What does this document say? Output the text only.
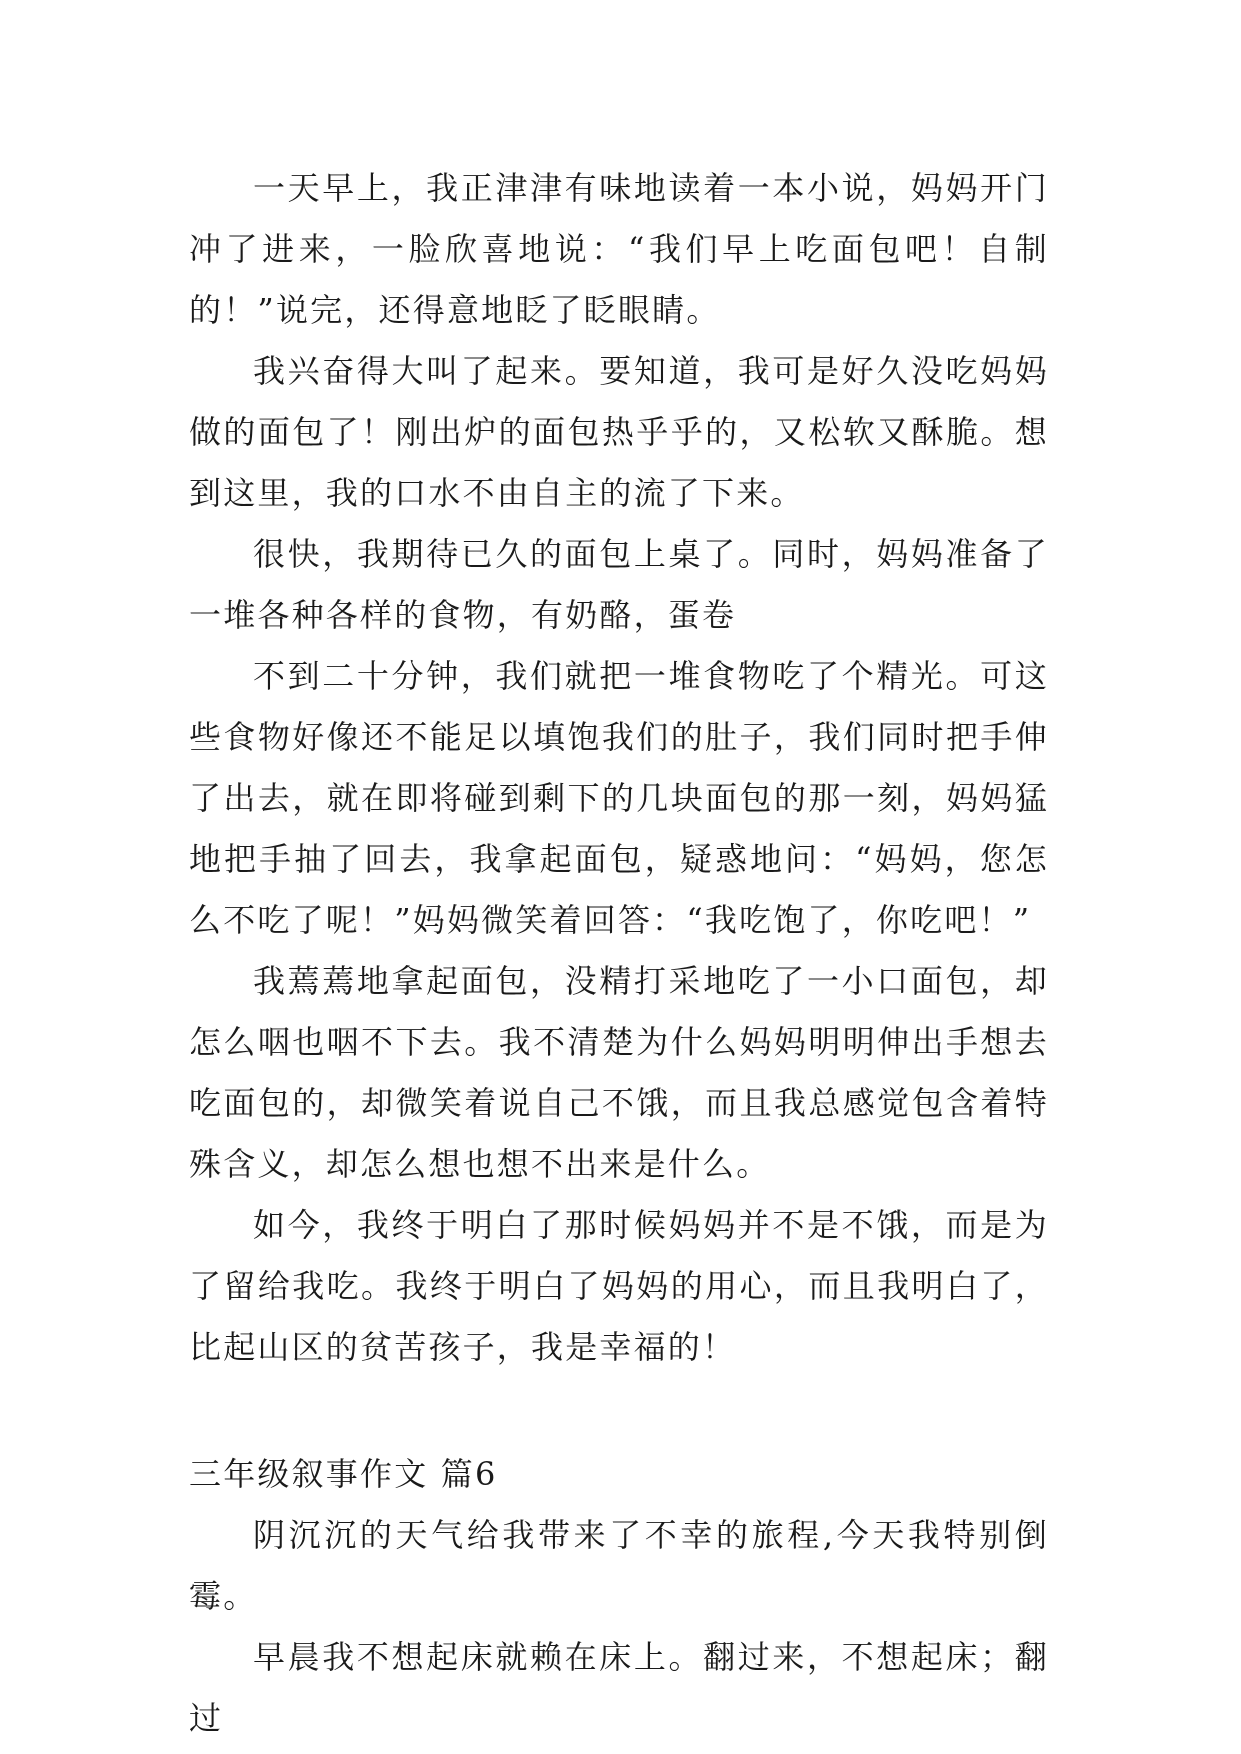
一天早上，我正津津有味地读着一本小说，妈妈开门冲了进来，一脸欣喜地说：“我们早上吃面包吧！自制的！”说完，还得意地眨了眨眼睛。

我兴奋得大叫了起来。要知道，我可是好久没吃妈妈做的面包了！刚出炉的面包热乎乎的，又松软又酥脆。想到这里，我的口水不由自主的流了下来。

很快，我期待已久的面包上桌了。同时，妈妈准备了一堆各种各样的食物，有奶酪，蛋卷

不到二十分钟，我们就把一堆食物吃了个精光。可这些食物好像还不能足以填饱我们的肚子，我们同时把手伸了出去，就在即将碰到剩下的几块面包的那一刻，妈妈猛地把手抽了回去，我拿起面包，疑惑地问：“妈妈，您怎么不吃了呢！”妈妈微笑着回答：“我吃饱了，你吃吧！”

我蔫蔫地拿起面包，没精打采地吃了一小口面包，却怎么咽也咽不下去。我不清楚为什么妈妈明明伸出手想去吃面包的，却微笑着说自己不饿，而且我总感觉包含着特殊含义，却怎么想也想不出来是什么。

如今，我终于明白了那时候妈妈并不是不饿，而是为了留给我吃。我终于明白了妈妈的用心，而且我明白了，比起山区的贫苦孩子，我是幸福的！

三年级叙事作文 篇6

阴沉沉的天气给我带来了不幸的旅程,今天我特别倒霉。

早晨我不想起床就赖在床上。翻过来，不想起床；翻过
